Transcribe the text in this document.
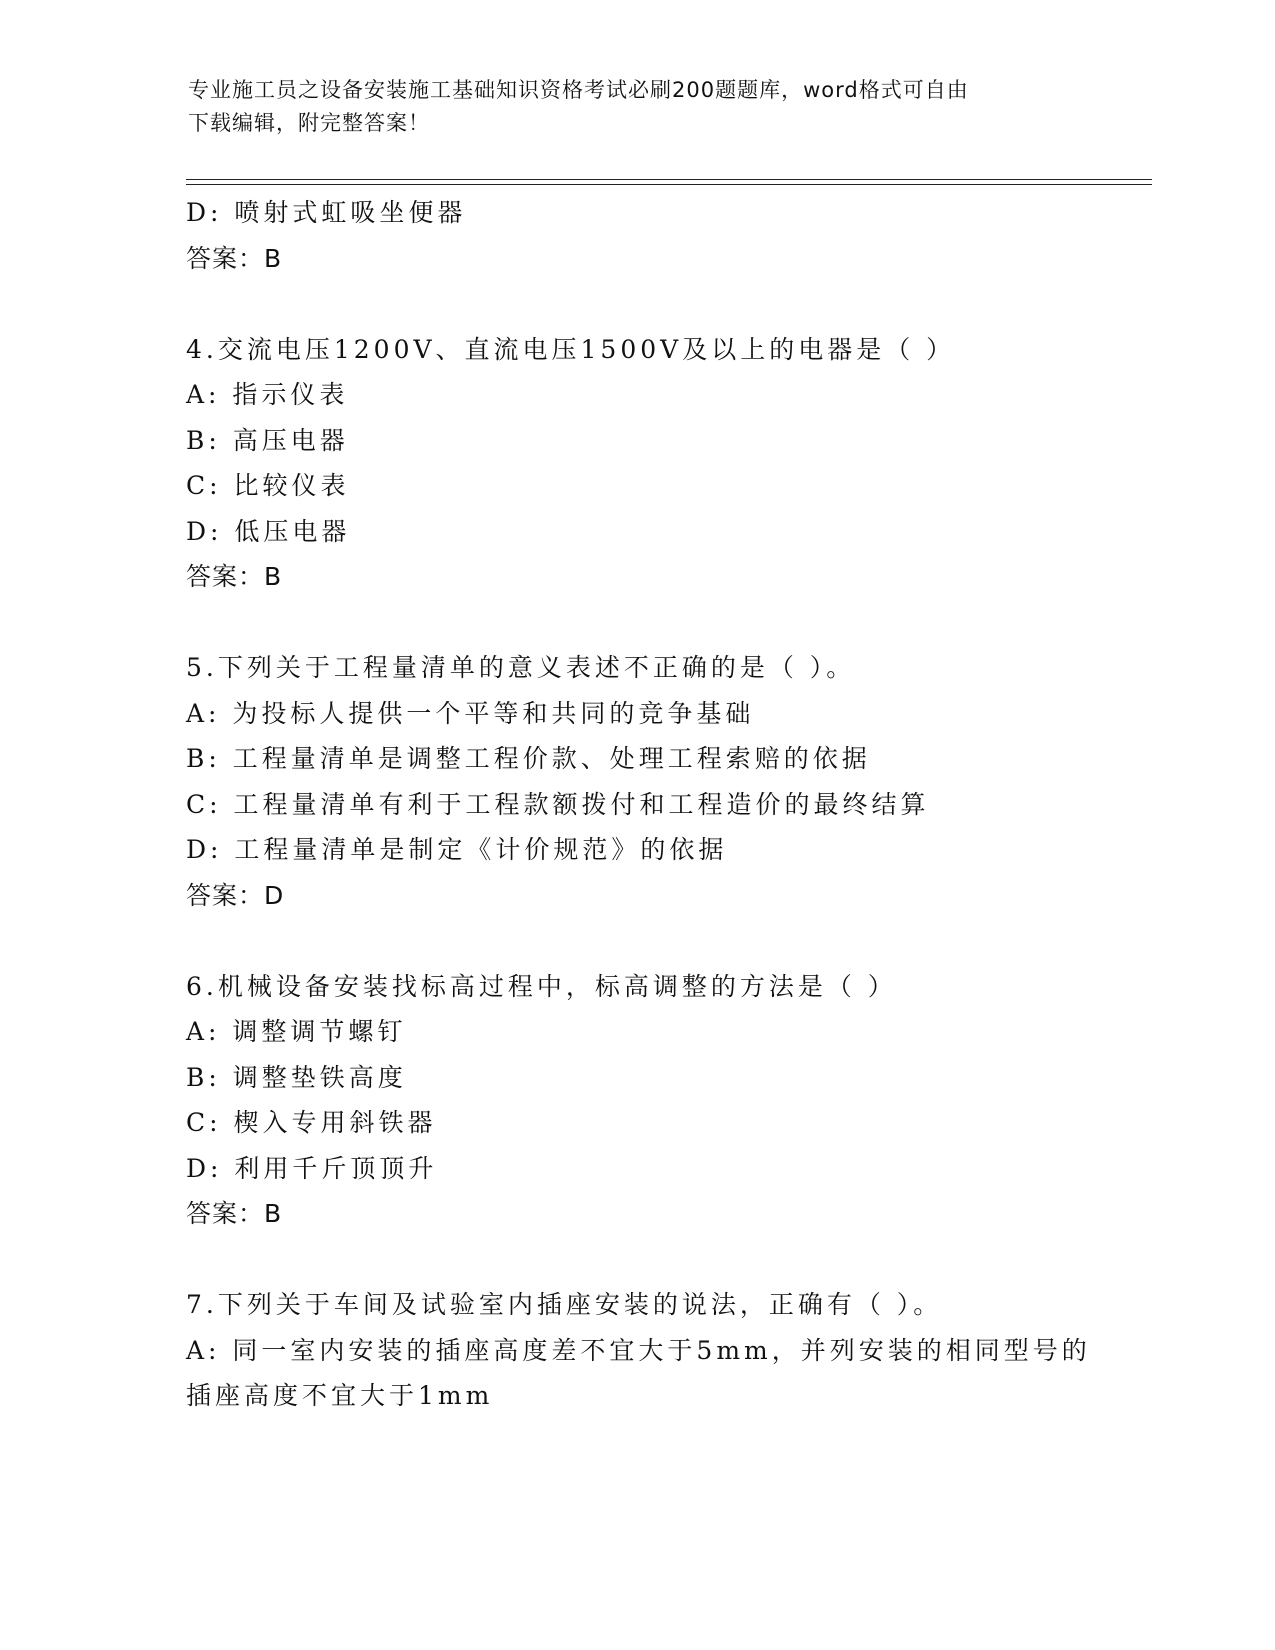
专业施工员之设备安装施工基础知识资格考试必刷200题题库，word格式可自由
下载编辑，附完整答案！
D: 喷射式虹吸坐便器
答案：B
4.交流电压1200V、直流电压1500V及以上的电器是（ ）
A: 指示仪表
B: 高压电器
C: 比较仪表
D: 低压电器
答案：B
5.下列关于工程量清单的意义表述不正确的是（ ）。
A: 为投标人提供一个平等和共同的竞争基础
B: 工程量清单是调整工程价款、处理工程索赔的依据
C: 工程量清单有利于工程款额拨付和工程造价的最终结算
D: 工程量清单是制定《计价规范》的依据
答案：D
6.机械设备安装找标高过程中，标高调整的方法是（ ）
A: 调整调节螺钉
B: 调整垫铁高度
C: 楔入专用斜铁器
D: 利用千斤顶顶升
答案：B
7.下列关于车间及试验室内插座安装的说法，正确有（ ）。
A: 同一室内安装的插座高度差不宜大于5mm，并列安装的相同型号的
插座高度不宜大于1mm
